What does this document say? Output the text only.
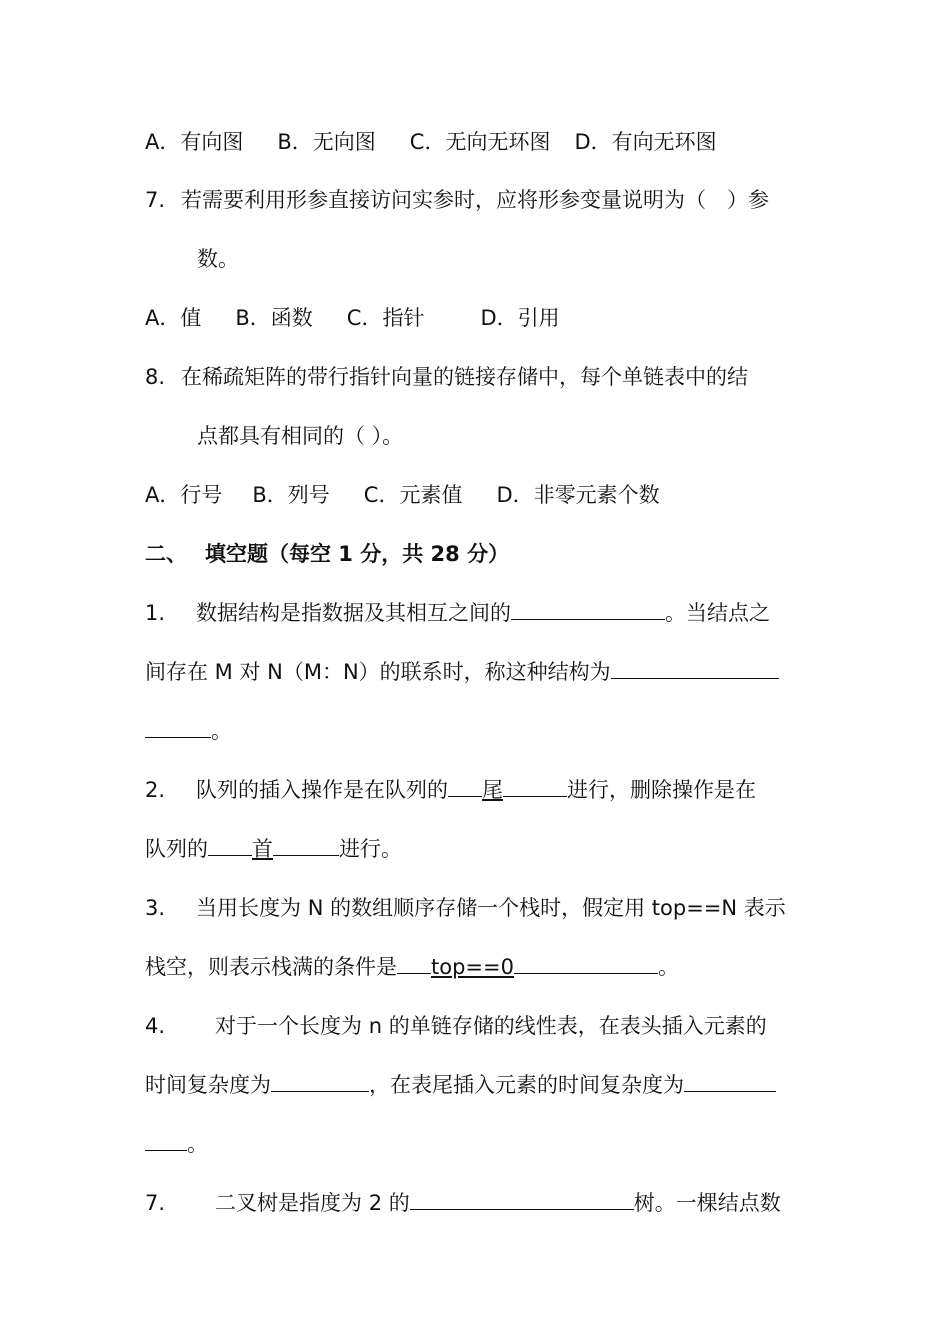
A．有向图 B．无向图 C．无向无环图 D．有向无环图
7. 若需要利用形参直接访问实参时，应将形参变量说明为（　）参
数。
A．值 B．函数 C．指针	D．引用
8. 在稀疏矩阵的带行指针向量的链接存储中，每个单链表中的结
点都具有相同的（ ）。
A．行号 B．列号 C．元素值 D．非零元素个数
二、 填空题（每空 1 分，共 28 分）
1. 数据结构是指数据及其相互之间的	。当结点之
间存在 M 对 N（M：N）的联系时，称这种结构为
。
2. 队列的插入操作是在队列的 尾	进行，删除操作是在
队列的 首	进行。
3. 当用长度为 N 的数组顺序存储一个栈时，假定用 top==N 表示
栈空，则表示栈满的条件是 top==0	。
4. 对于一个长度为 n 的单链存储的线性表，在表头插入元素的
时间复杂度为	，在表尾插入元素的时间复杂度为
。
7. 二叉树是指度为 2 的	树。一棵结点数
